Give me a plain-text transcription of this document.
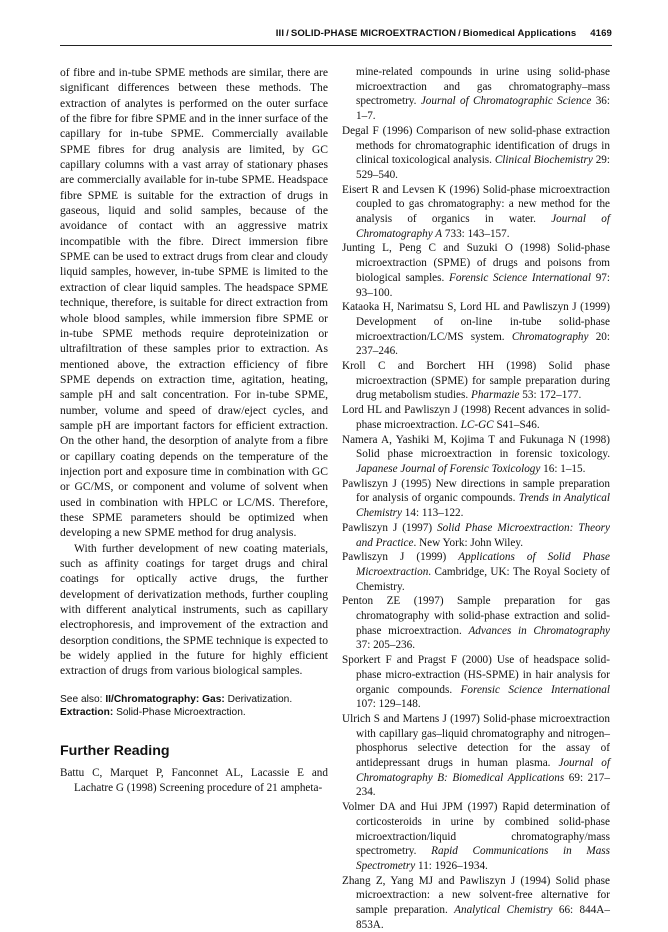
III / SOLID-PHASE MICROEXTRACTION / Biomedical Applications 4169

of fibre and in-tube SPME methods are similar, there are significant differences between these methods. The extraction of analytes is performed on the outer surface of the fibre for fibre SPME and in the inner surface of the capillary for in-tube SPME. Commercially available SPME fibres for drug analysis are limited, by GC capillary columns with a vast array of stationary phases are commercially available for in-tube SPME. Headspace fibre SPME is suitable for the extraction of drugs in gaseous, liquid and solid samples, because of the avoidance of contact with an aggressive matrix incompatible with the fibre. Direct immersion fibre SPME can be used to extract drugs from clear and cloudy liquid samples, however, in-tube SPME is limited to the extraction of clear liquid samples. The headspace SPME technique, therefore, is suitable for direct extraction from whole blood samples, while immersion fibre SPME or in-tube SPME methods require deproteinization or ultrafiltration of these samples prior to extraction. As mentioned above, the extraction efficiency of fibre SPME depends on extraction time, agitation, heating, sample pH and salt concentration. For in-tube SPME, number, volume and speed of draw/eject cycles, and sample pH are important factors for efficient extraction. On the other hand, the desorption of analyte from a fibre or capillary coating depends on the temperature of the injection port and exposure time in combination with GC or GC/MS, or component and volume of solvent when used in combination with HPLC or LC/MS. Therefore, these SPME parameters should be optimized when developing a new SPME method for drug analysis.

With further development of new coating materials, such as affinity coatings for target drugs and chiral coatings for optically active drugs, the further development of derivatization methods, further coupling with different analytical instruments, such as capillary electrophoresis, and improvement of the extraction and desorption conditions, the SPME technique is expected to be widely applied in the future for highly efficient extraction of drugs from various biological samples.

See also: II/Chromatography: Gas: Derivatization. Extraction: Solid-Phase Microextraction.

Further Reading

Battu C, Marquet P, Fanconnet AL, Lacassie E and Lachatre G (1998) Screening procedure of 21 ampheta-

mine-related compounds in urine using solid-phase microextraction and gas chromatography–mass spectrometry. Journal of Chromatographic Science 36: 1–7.

Degal F (1996) Comparison of new solid-phase extraction methods for chromatographic identification of drugs in clinical toxicological analysis. Clinical Biochemistry 29: 529–540.

Eisert R and Levsen K (1996) Solid-phase microextraction coupled to gas chromatography: a new method for the analysis of organics in water. Journal of Chromatography A 733: 143–157.

Junting L, Peng C and Suzuki O (1998) Solid-phase microextraction (SPME) of drugs and poisons from biological samples. Forensic Science International 97: 93–100.

Kataoka H, Narimatsu S, Lord HL and Pawliszyn J (1999) Development of on-line in-tube solid-phase microextraction/LC/MS system. Chromatography 20: 237–246.

Kroll C and Borchert HH (1998) Solid phase microextraction (SPME) for sample preparation during drug metabolism studies. Pharmazie 53: 172–177.

Lord HL and Pawliszyn J (1998) Recent advances in solid-phase microextraction. LC-GC S41–S46.

Namera A, Yashiki M, Kojima T and Fukunaga N (1998) Solid phase microextraction in forensic toxicology. Japanese Journal of Forensic Toxicology 16: 1–15.

Pawliszyn J (1995) New directions in sample preparation for analysis of organic compounds. Trends in Analytical Chemistry 14: 113–122.

Pawliszyn J (1997) Solid Phase Microextraction: Theory and Practice. New York: John Wiley.

Pawliszyn J (1999) Applications of Solid Phase Microextraction. Cambridge, UK: The Royal Society of Chemistry.

Penton ZE (1997) Sample preparation for gas chromatography with solid-phase extraction and solid-phase microextraction. Advances in Chromatography 37: 205–236.

Sporkert F and Pragst F (2000) Use of headspace solid-phase micro-extraction (HS-SPME) in hair analysis for organic compounds. Forensic Science International 107: 129–148.

Ulrich S and Martens J (1997) Solid-phase microextraction with capillary gas–liquid chromatography and nitrogen–phosphorus selective detection for the assay of antidepressant drugs in human plasma. Journal of Chromatography B: Biomedical Applications 69: 217–234.

Volmer DA and Hui JPM (1997) Rapid determination of corticosteroids in urine by combined solid-phase microextraction/liquid chromatography/mass spectrometry. Rapid Communications in Mass Spectrometry 11: 1926–1934.

Zhang Z, Yang MJ and Pawliszyn J (1994) Solid phase microextraction: a new solvent-free alternative for sample preparation. Analytical Chemistry 66: 844A–853A.
